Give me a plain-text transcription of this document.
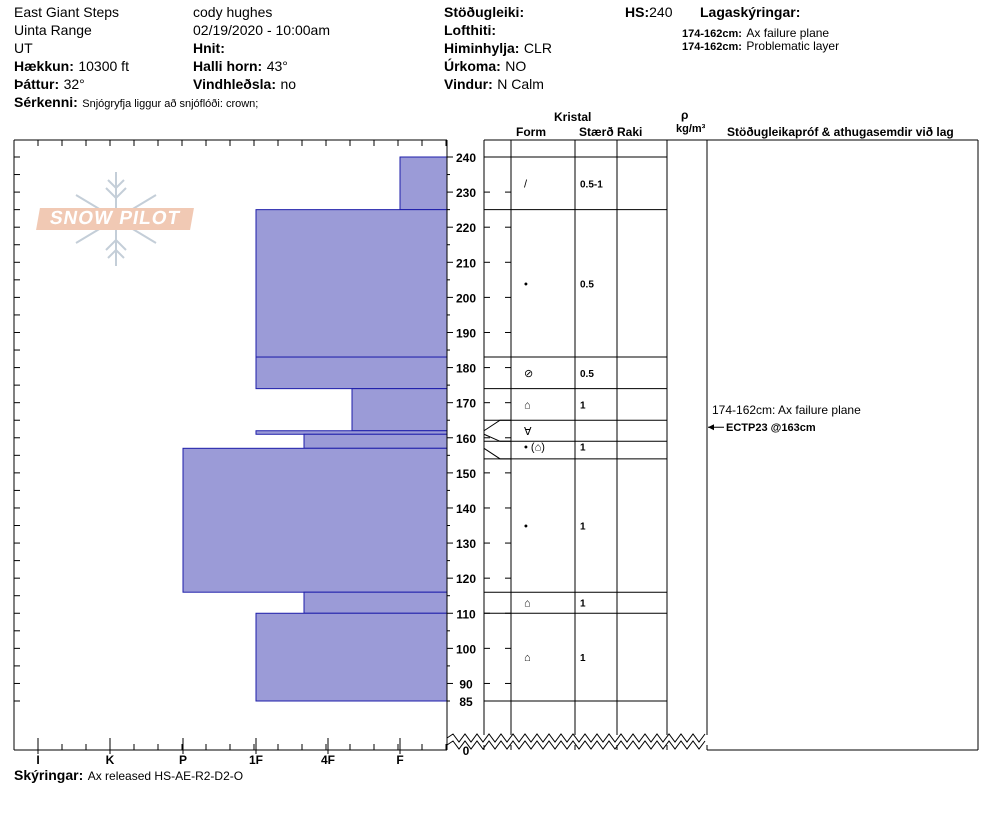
East Giant Steps
Uinta Range
UT
Hækkun: 10300 ft
Þáttur: 32°
Sérkenni: Snjógryfja liggur að snjóflóði: crown;
cody hughes
02/19/2020 - 10:00am
Hnit:
Halli horn: 43°
Vindhleðsla: no
Stöðugleiki:
Lofthiti:
Himinhylja: CLR
Úrkoma: NO
Vindur: N Calm
HS:240 Lagaskýringar:
174-162cm: Ax failure plane
174-162cm: Problematic layer
Kristal
Form	Stærð Raki
ρ
kg/m³ Stöðugleikapróf & athugasemdir við lag
I	K	P	1F	4F	F
240
230
220
210
200
190
180
170
160
150
140
130
120
110
100
90
85
0
/	0.5-1
•	0.5
⊘	0.5
⌂	1
∀
• (⌂)	1
•	1
⌂	1
⌂	1
SNOW PILOT
174-162cm: Ax failure plane
ECTP23 @163cm
Skýringar: Ax released HS-AE-R2-D2-O
